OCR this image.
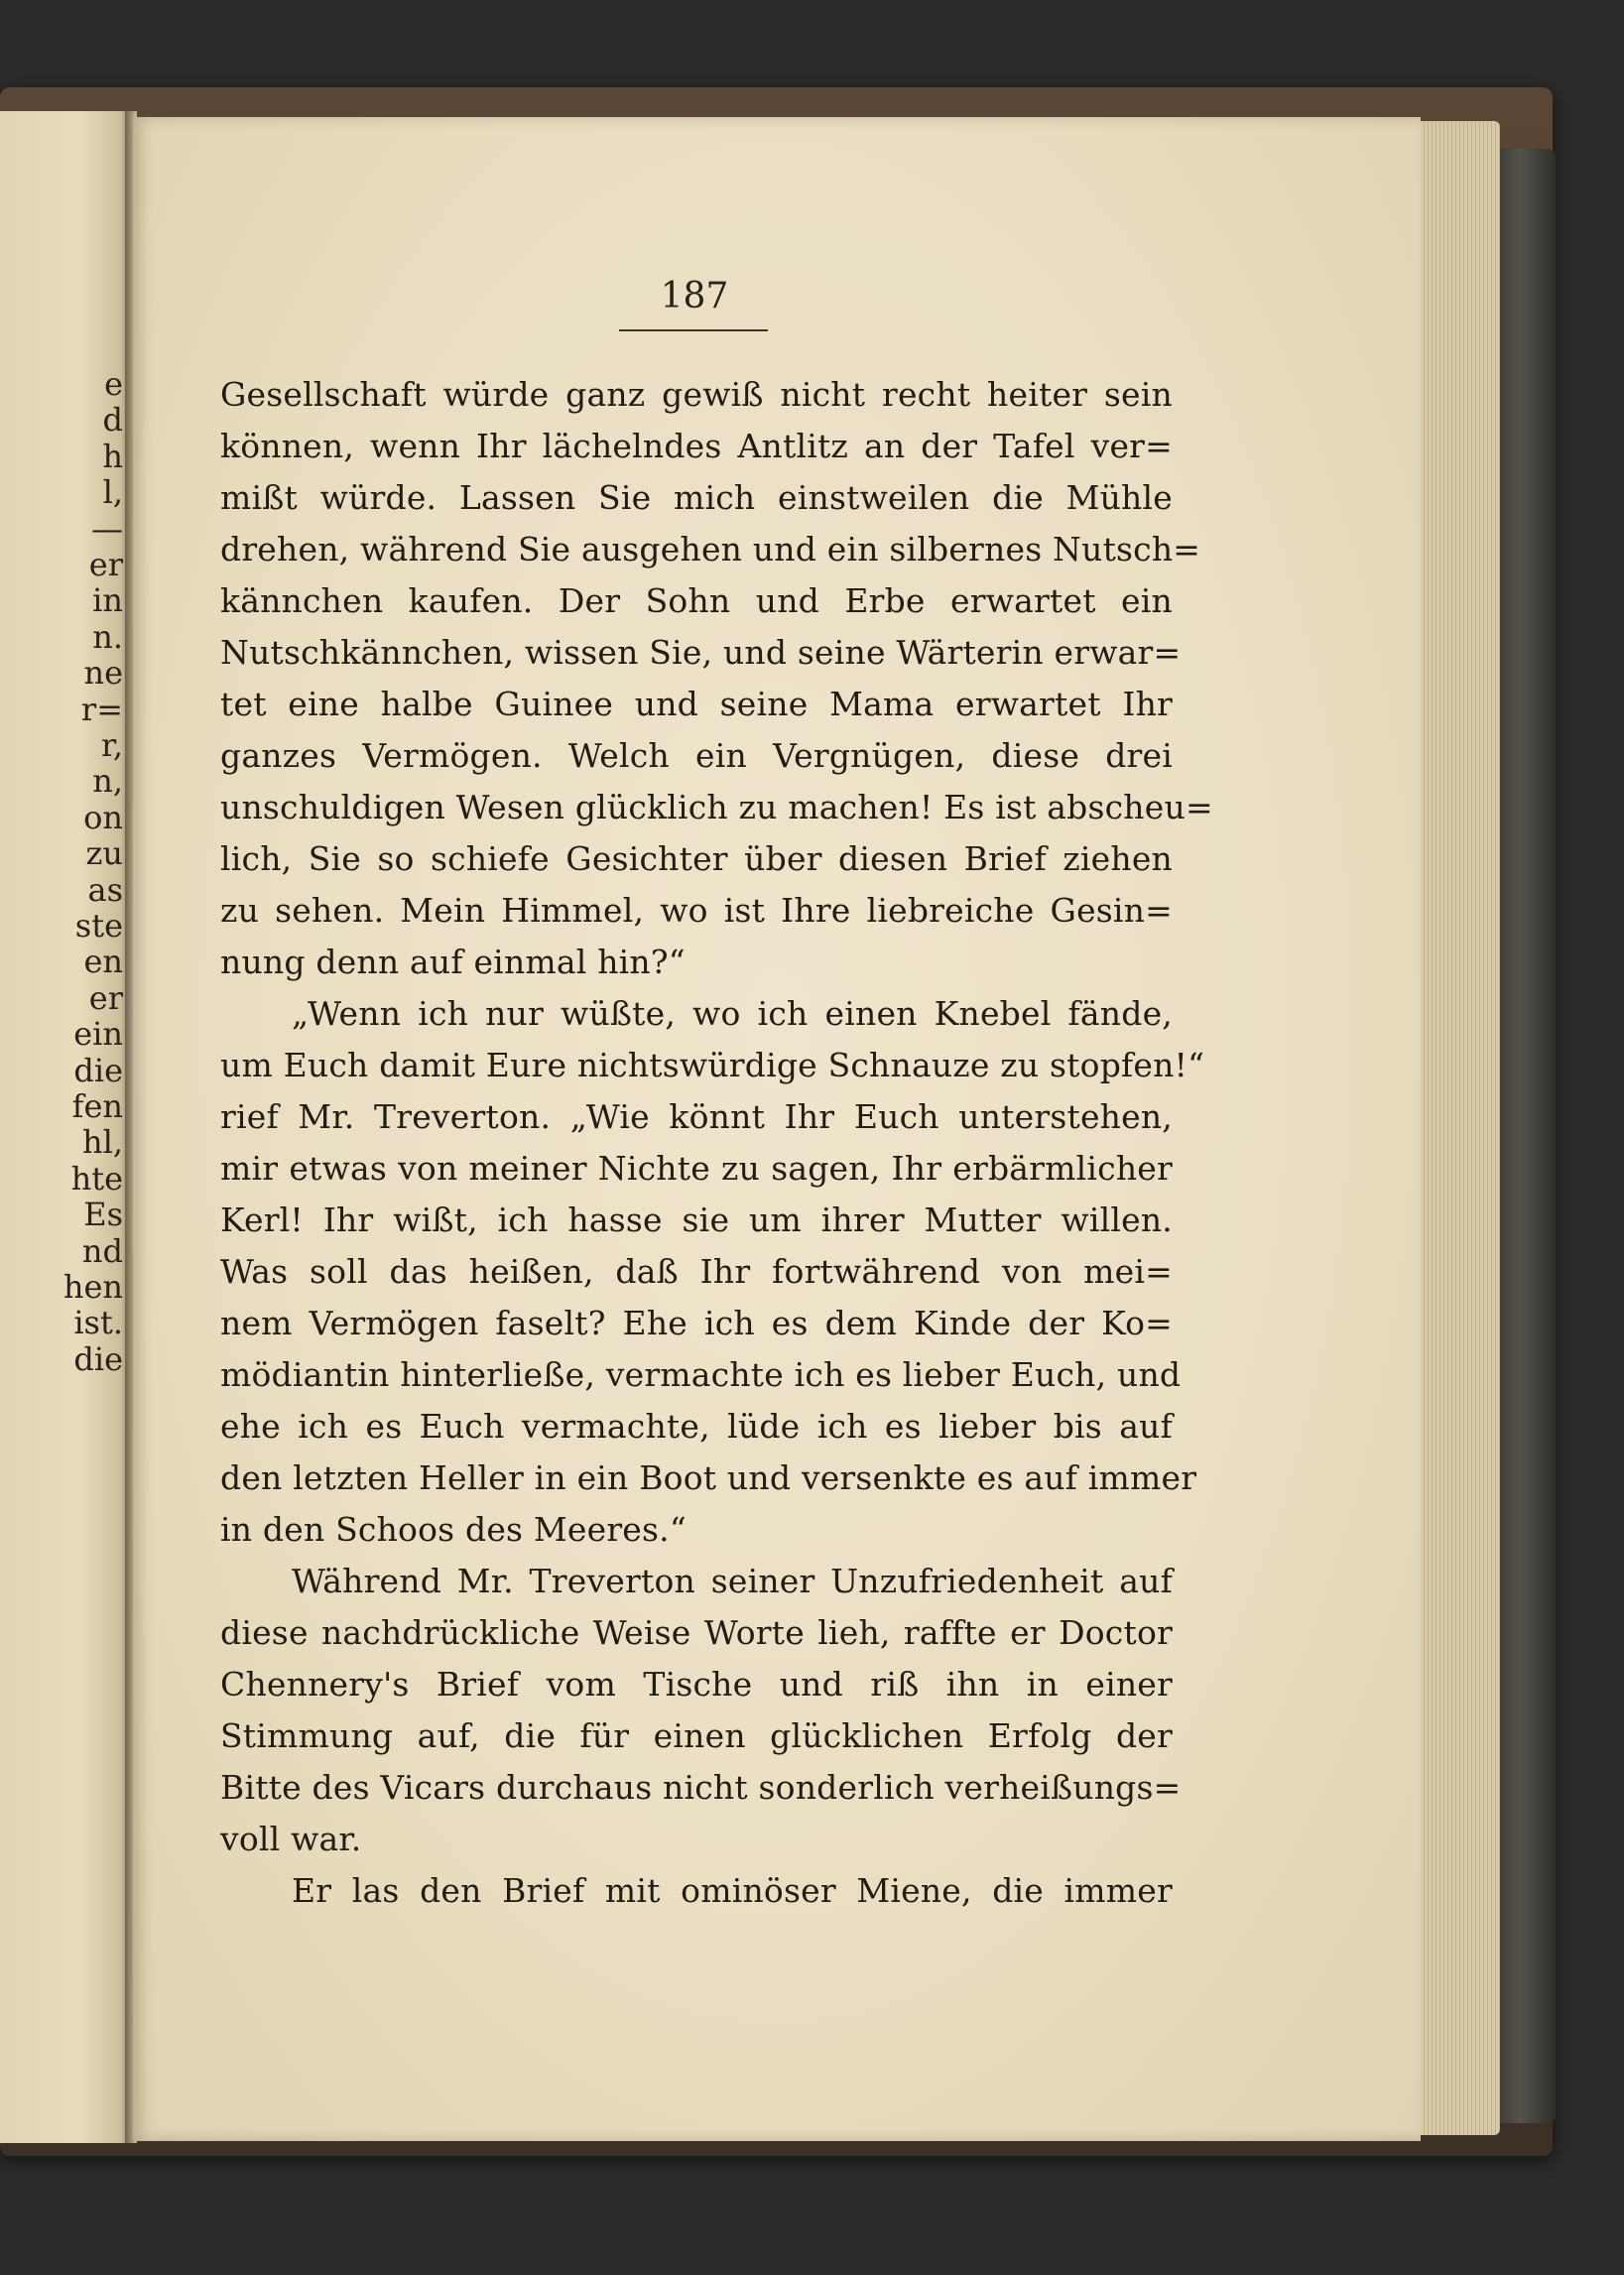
e
d
h
l,
—
er
in
n.
ne
r=
r,
n,
on
zu
as
ste
en
er
ein
die
fen
hl,
hte
Es
nd
hen
ist.
die
187
Gesellschaft würde ganz gewiß nicht recht heiter sein
können, wenn Ihr lächelndes Antlitz an der Tafel ver=
mißt würde. Lassen Sie mich einstweilen die Mühle
drehen, während Sie ausgehen und ein silbernes Nutsch=
kännchen kaufen. Der Sohn und Erbe erwartet ein
Nutschkännchen, wissen Sie, und seine Wärterin erwar=
tet eine halbe Guinee und seine Mama erwartet Ihr
ganzes Vermögen. Welch ein Vergnügen, diese drei
unschuldigen Wesen glücklich zu machen! Es ist abscheu=
lich, Sie so schiefe Gesichter über diesen Brief ziehen
zu sehen. Mein Himmel, wo ist Ihre liebreiche Gesin=
nung denn auf einmal hin?“
„Wenn ich nur wüßte, wo ich einen Knebel fände,
um Euch damit Eure nichtswürdige Schnauze zu stopfen!“
rief Mr. Treverton. „Wie könnt Ihr Euch unterstehen,
mir etwas von meiner Nichte zu sagen, Ihr erbärmlicher
Kerl! Ihr wißt, ich hasse sie um ihrer Mutter willen.
Was soll das heißen, daß Ihr fortwährend von mei=
nem Vermögen faselt? Ehe ich es dem Kinde der Ko=
mödiantin hinterließe, vermachte ich es lieber Euch, und
ehe ich es Euch vermachte, lüde ich es lieber bis auf
den letzten Heller in ein Boot und versenkte es auf immer
in den Schoos des Meeres.“
Während Mr. Treverton seiner Unzufriedenheit auf
diese nachdrückliche Weise Worte lieh, raffte er Doctor
Chennery's Brief vom Tische und riß ihn in einer
Stimmung auf, die für einen glücklichen Erfolg der
Bitte des Vicars durchaus nicht sonderlich verheißungs=
voll war.
Er las den Brief mit ominöser Miene, die immer
